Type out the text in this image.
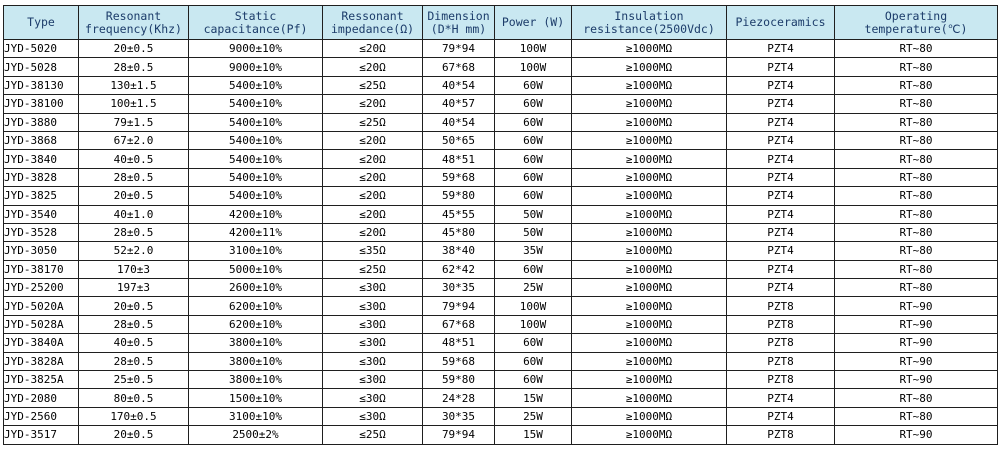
Type	Resonant frequency(Khz)	Static capacitance(Pf)	Ressonant impedance(Ω)	Dimension (D*H mm)	Power (W)	Insulation resistance(2500Vdc)	Piezoceramics	Operating temperature(℃)
JYD-5020	20±0.5	9000±10%	≤20Ω	79*94	100W	≥1000MΩ	PZT4	RT~80
JYD-5028	28±0.5	9000±10%	≤20Ω	67*68	100W	≥1000MΩ	PZT4	RT~80
JYD-38130	130±1.5	5400±10%	≤25Ω	40*54	60W	≥1000MΩ	PZT4	RT~80
JYD-38100	100±1.5	5400±10%	≤20Ω	40*57	60W	≥1000MΩ	PZT4	RT~80
JYD-3880	79±1.5	5400±10%	≤25Ω	40*54	60W	≥1000MΩ	PZT4	RT~80
JYD-3868	67±2.0	5400±10%	≤20Ω	50*65	60W	≥1000MΩ	PZT4	RT~80
JYD-3840	40±0.5	5400±10%	≤20Ω	48*51	60W	≥1000MΩ	PZT4	RT~80
JYD-3828	28±0.5	5400±10%	≤20Ω	59*68	60W	≥1000MΩ	PZT4	RT~80
JYD-3825	20±0.5	5400±10%	≤20Ω	59*80	60W	≥1000MΩ	PZT4	RT~80
JYD-3540	40±1.0	4200±10%	≤20Ω	45*55	50W	≥1000MΩ	PZT4	RT~80
JYD-3528	28±0.5	4200±11%	≤20Ω	45*80	50W	≥1000MΩ	PZT4	RT~80
JYD-3050	52±2.0	3100±10%	≤35Ω	38*40	35W	≥1000MΩ	PZT4	RT~80
JYD-38170	170±3	5000±10%	≤25Ω	62*42	60W	≥1000MΩ	PZT4	RT~80
JYD-25200	197±3	2600±10%	≤30Ω	30*35	25W	≥1000MΩ	PZT4	RT~80
JYD-5020A	20±0.5	6200±10%	≤30Ω	79*94	100W	≥1000MΩ	PZT8	RT~90
JYD-5028A	28±0.5	6200±10%	≤30Ω	67*68	100W	≥1000MΩ	PZT8	RT~90
JYD-3840A	40±0.5	3800±10%	≤30Ω	48*51	60W	≥1000MΩ	PZT8	RT~90
JYD-3828A	28±0.5	3800±10%	≤30Ω	59*68	60W	≥1000MΩ	PZT8	RT~90
JYD-3825A	25±0.5	3800±10%	≤30Ω	59*80	60W	≥1000MΩ	PZT8	RT~90
JYD-2080	80±0.5	1500±10%	≤30Ω	24*28	15W	≥1000MΩ	PZT4	RT~80
JYD-2560	170±0.5	3100±10%	≤30Ω	30*35	25W	≥1000MΩ	PZT4	RT~80
JYD-3517	20±0.5	2500±2%	≤25Ω	79*94	15W	≥1000MΩ	PZT8	RT~90
